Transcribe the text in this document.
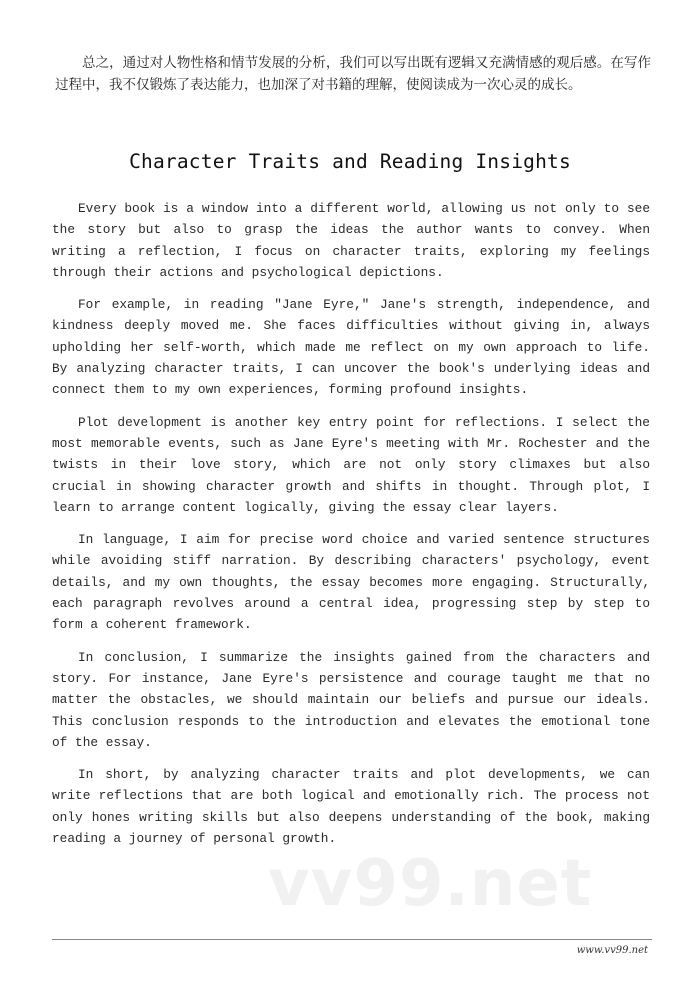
总之，通过对人物性格和情节发展的分析，我们可以写出既有逻辑又充满情感的观后感。在写作过程中，我不仅锻炼了表达能力，也加深了对书籍的理解，使阅读成为一次心灵的成长。

Character Traits and Reading Insights

Every book is a window into a different world, allowing us not only to see the story but also to grasp the ideas the author wants to convey. When writing a reflection, I focus on character traits, exploring my feelings through their actions and psychological depictions.

For example, in reading "Jane Eyre," Jane's strength, independence, and kindness deeply moved me. She faces difficulties without giving in, always upholding her self-worth, which made me reflect on my own approach to life. By analyzing character traits, I can uncover the book's underlying ideas and connect them to my own experiences, forming profound insights.

Plot development is another key entry point for reflections. I select the most memorable events, such as Jane Eyre's meeting with Mr. Rochester and the twists in their love story, which are not only story climaxes but also crucial in showing character growth and shifts in thought. Through plot, I learn to arrange content logically, giving the essay clear layers.

In language, I aim for precise word choice and varied sentence structures while avoiding stiff narration. By describing characters' psychology, event details, and my own thoughts, the essay becomes more engaging. Structurally, each paragraph revolves around a central idea, progressing step by step to form a coherent framework.

In conclusion, I summarize the insights gained from the characters and story. For instance, Jane Eyre's persistence and courage taught me that no matter the obstacles, we should maintain our beliefs and pursue our ideals. This conclusion responds to the introduction and elevates the emotional tone of the essay.

In short, by analyzing character traits and plot developments, we can write reflections that are both logical and emotionally rich. The process not only hones writing skills but also deepens understanding of the book, making reading a journey of personal growth.

vv99.net

www.vv99.net
